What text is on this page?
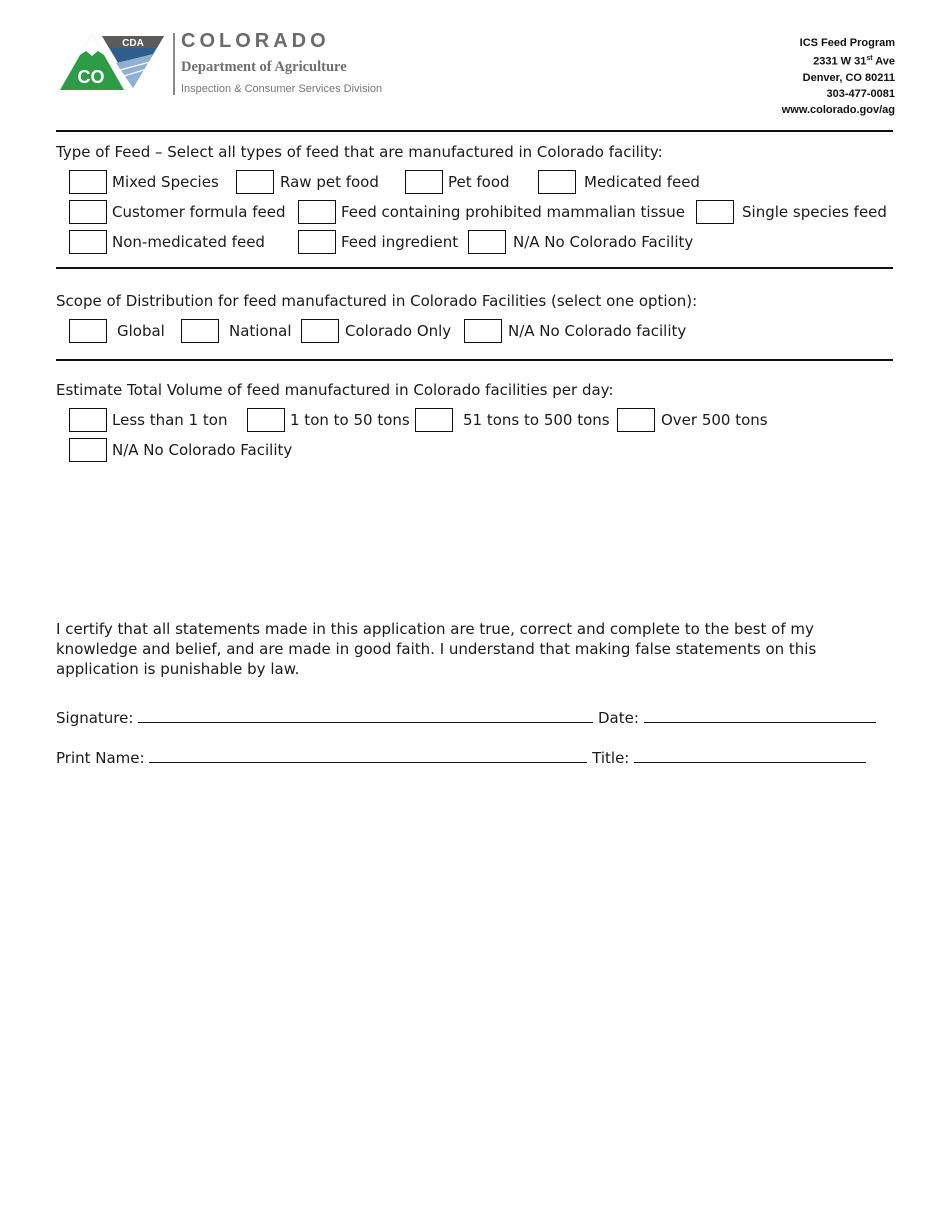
CDA
CO
COLORADO
Department of Agriculture
Inspection & Consumer Services Division
ICS Feed Program
2331 W 31st Ave
Denver, CO 80211
303-477-0081
www.colorado.gov/ag
Type of Feed – Select all types of feed that are manufactured in Colorado facility:
Mixed Species	Raw pet food	Pet food	Medicated feed
Customer formula feed	Feed containing prohibited mammalian tissue	Single species feed
Non-medicated feed	Feed ingredient	N/A No Colorado Facility
Scope of Distribution for feed manufactured in Colorado Facilities (select one option):
Global	National	Colorado Only	N/A No Colorado facility
Estimate Total Volume of feed manufactured in Colorado facilities per day:
Less than 1 ton	1 ton to 50 tons	51 tons to 500 tons	Over 500 tons
N/A No Colorado Facility
I certify that all statements made in this application are true, correct and complete to the best of my knowledge and belief, and are made in good faith. I understand that making false statements on this application is punishable by law.
Signature:	Date:
Print Name:	Title:
